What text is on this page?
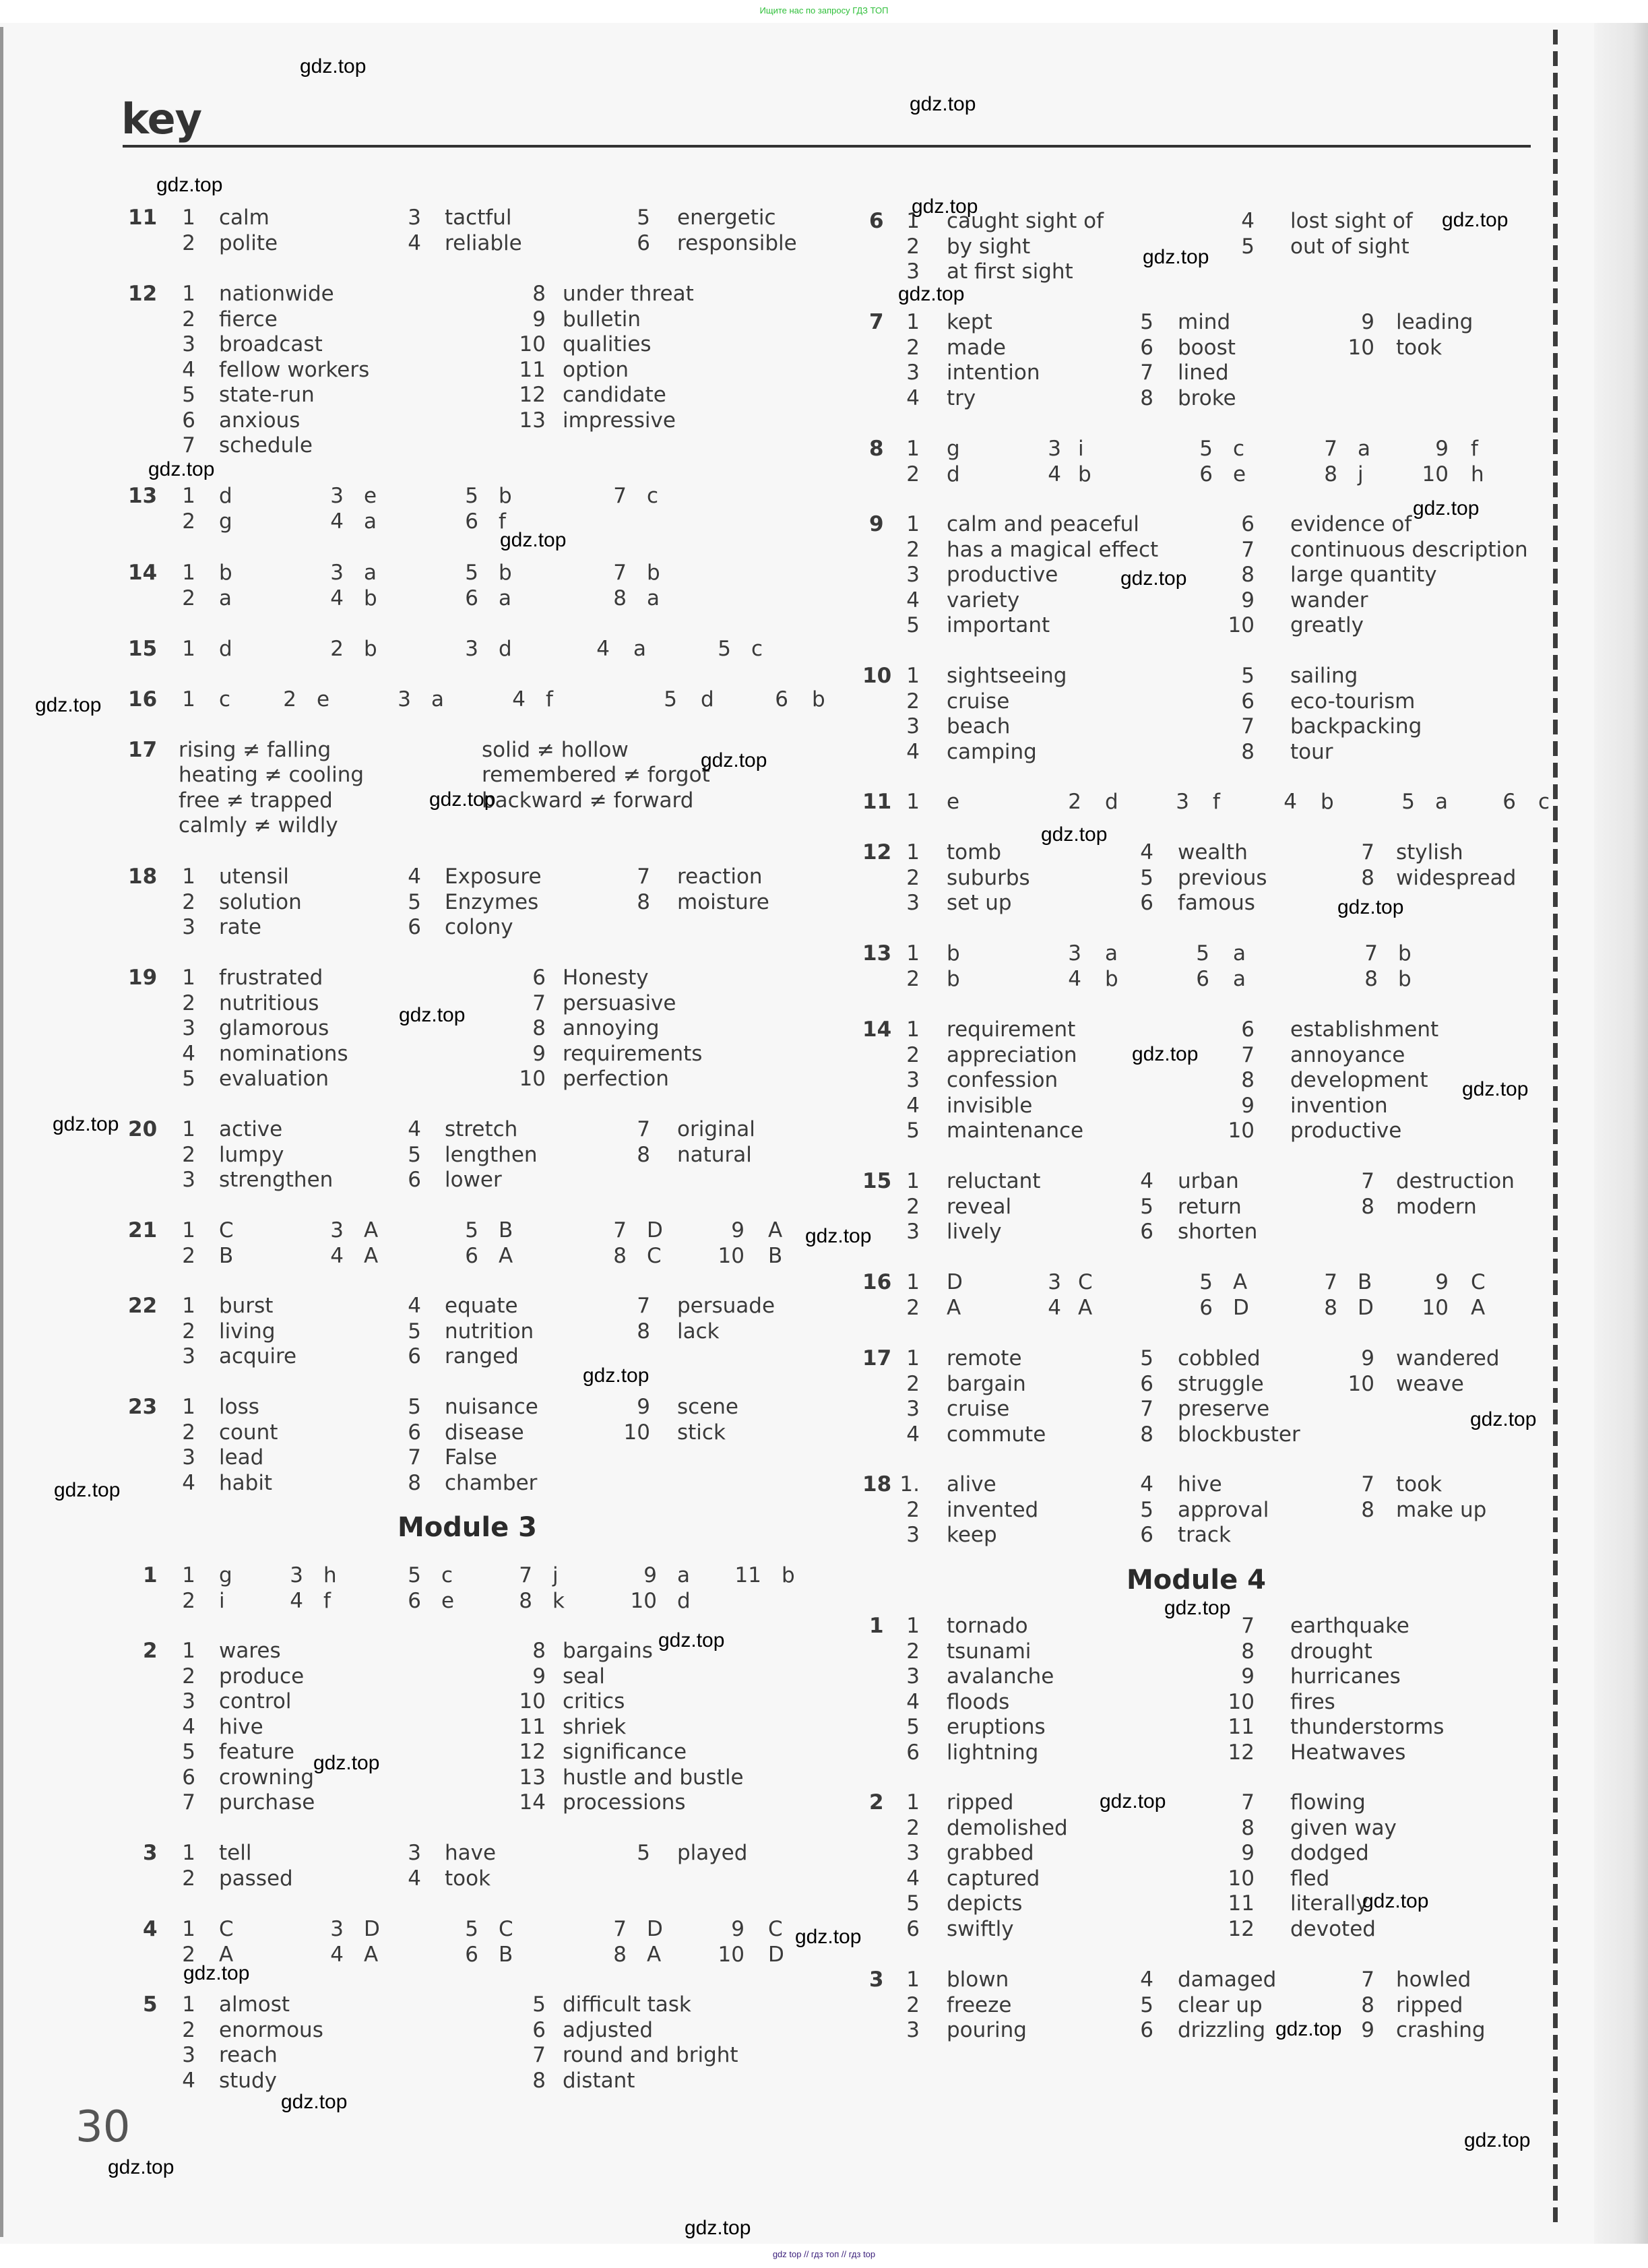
Ищите нас по запросу ГДЗ ТОП
key
11	1 calm
2 polite
3 tactful
4 reliable
5 energetic
6 responsible
12	1 nationwide
2 fierce
3 broadcast
4 fellow workers
5 state-run
6 anxious
7 schedule
8 under threat
9 bulletin
10 qualities
11 option
12 candidate
13 impressive
13	1 d
2 g
3 e
4 a
5 b
6 f
7 c
14	1 b
2 a
3 a
4 b
5 b
6 a
7 b
8 a
15	1 d	2 b	3 d	4 a	5 c
16	1 c	2 e	3 a	4 f	5 d	6 b
17 rising ≠ falling
heating ≠ cooling
free ≠ trapped
calmly ≠ wildly
solid ≠ hollow
remembered ≠ forgot
backward ≠ forward
18	1 utensil
2 solution
3 rate
4 Exposure
5 Enzymes
6 colony
7 reaction
8 moisture
19	1 frustrated
2 nutritious
3 glamorous
4 nominations
5 evaluation
6 Honesty
7 persuasive
8 annoying
9 requirements
10 perfection
20	1 active
2 lumpy
3 strengthen
4 stretch
5 lengthen
6 lower
7 original
8 natural
21	1 C
2 B
3 A
4 A
5 B
6 A
7 D
8 C
9 A
10 B
22	1 burst
2 living
3 acquire
4 equate
5 nutrition
6 ranged
7 persuade
8 lack
23	1 loss
2 count
3 lead
4 habit
5 nuisance
6 disease
7 False
8 chamber
9 scene
10 stick
1	1 g
2 i
3 h
4 f
5 c
6 e
7 j
8 k
9 a
10 d
11 b
2	1 wares
2 produce
3 control
4 hive
5 feature
6 crowning
7 purchase
8 bargains
9 seal
10 critics
11 shriek
12 significance
13 hustle and bustle
14 processions
3	1 tell
2 passed
3 have
4 took
5 played
4	1 C
2 A
3 D
4 A
5 C
6 B
7 D
8 A
9 C
10 D
5	1 almost
2 enormous
3 reach
4 study
5 difficult task
6 adjusted
7 round and bright
8 distant
6	1 caught sight of
2 by sight
3 at first sight
4 lost sight of
5 out of sight
7	1 kept
2 made
3 intention
4 try
5 mind
6 boost
7 lined
8 broke
9 leading
10 took
8	1 g
2 d
3 i
4 b
5 c
6 e
7 a
8 j
9 f
10 h
9	1 calm and peaceful
2 has a magical effect
3 productive
4 variety
5 important
6 evidence of
7 continuous description
8 large quantity
9 wander
10 greatly
10 1 sightseeing
2 cruise
3 beach
4 camping
5 sailing
6 eco-tourism
7 backpacking
8 tour
11 1 e	2 d	3 f	4 b	5 a	6 c
12 1 tomb
2 suburbs
3 set up
4 wealth
5 previous
6 famous
7 stylish
8 widespread
13 1 b
2 b
3 a
4 b
5 a
6 a
7 b
8 b
14 1 requirement
2 appreciation
3 confession
4 invisible
5 maintenance
6 establishment
7 annoyance
8 development
9 invention
10 productive
15 1 reluctant
2 reveal
3 lively
4 urban
5 return
6 shorten
7 destruction
8 modern
16 1 D
2 A
3 C
4 A
5 A
6 D
7 B
8 D
9 C
10 A
17 1 remote
2 bargain
3 cruise
4 commute
5 cobbled
6 struggle
7 preserve
8 blockbuster
9 wandered
10 weave
18 1. alive
2 invented
3 keep
4 hive
5 approval
6 track
7 took
8 make up
1	1 tornado
2 tsunami
3 avalanche
4 floods
5 eruptions
6 lightning
7 earthquake
8 drought
9 hurricanes
10 fires
11 thunderstorms
12 Heatwaves
2	1 ripped
2 demolished
3 grabbed
4 captured
5 depicts
6 swiftly
7 flowing
8 given way
9 dodged
10 fled
11 literally
12 devoted
3	1 blown
2 freeze
3 pouring
4 damaged
5 clear up
6 drizzling
7 howled
8 ripped
9 crashing
Module 3
Module 4
30
gdz.top
gdz.top
gdz.top
gdz.top
gdz.top
gdz.top
gdz.top
gdz.top
gdz.top
gdz.top
gdz.top
gdz.top
gdz.top
gdz.top
gdz.top
gdz.top
gdz.top
gdz.top
gdz.top
gdz.top
gdz.top
gdz.top
gdz.top
gdz.top
gdz.top
gdz.top
gdz.top
gdz.top
gdz.top
gdz.top
gdz.top
gdz.top
gdz.top
gdz.top
gdz.top
gdz.top
gdz top // гдз топ // гдз top
